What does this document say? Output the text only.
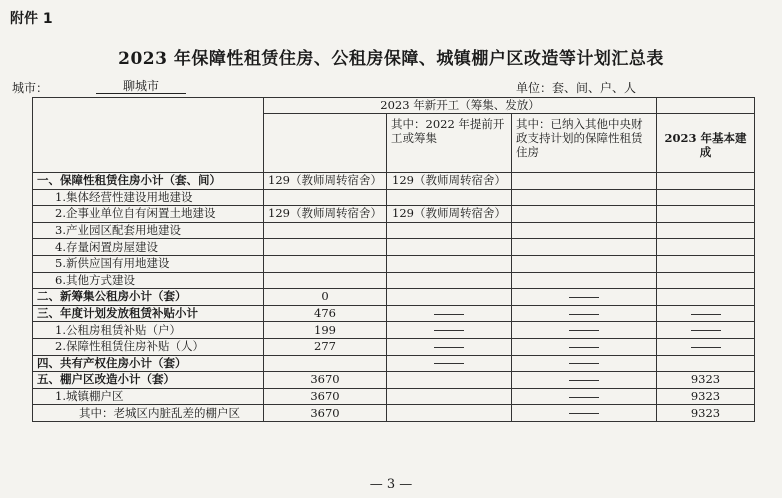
附件 1
2023 年保障性租赁住房、公租房保障、城镇棚户区改造等计划汇总表
城市：	聊城市	单位：套、间、户、人
	2023 年新开工（筹集、发放）			
		其中：2022 年提前开工或筹集	其中：已纳入其他中央财政支持计划的保障性租赁住房	2023 年基本建成
一、保障性租赁住房小计（套、间）	129（教师周转宿舍）	129（教师周转宿舍）		
1.集体经营性建设用地建设				
2.企事业单位自有闲置土地建设	129（教师周转宿舍）	129（教师周转宿舍）		
3.产业园区配套用地建设				
4.存量闲置房屋建设				
5.新供应国有用地建设				
6.其他方式建设				
二、新筹集公租房小计（套）	0			
三、年度计划发放租赁补贴小计	476			
1.公租房租赁补贴（户）	199			
2.保障性租赁住房补贴（人）	277			
四、共有产权住房小计（套）				
五、棚户区改造小计（套）	3670			9323
1.城镇棚户区	3670			9323
其中：老城区内脏乱差的棚户区	3670			9323
— 3 —
